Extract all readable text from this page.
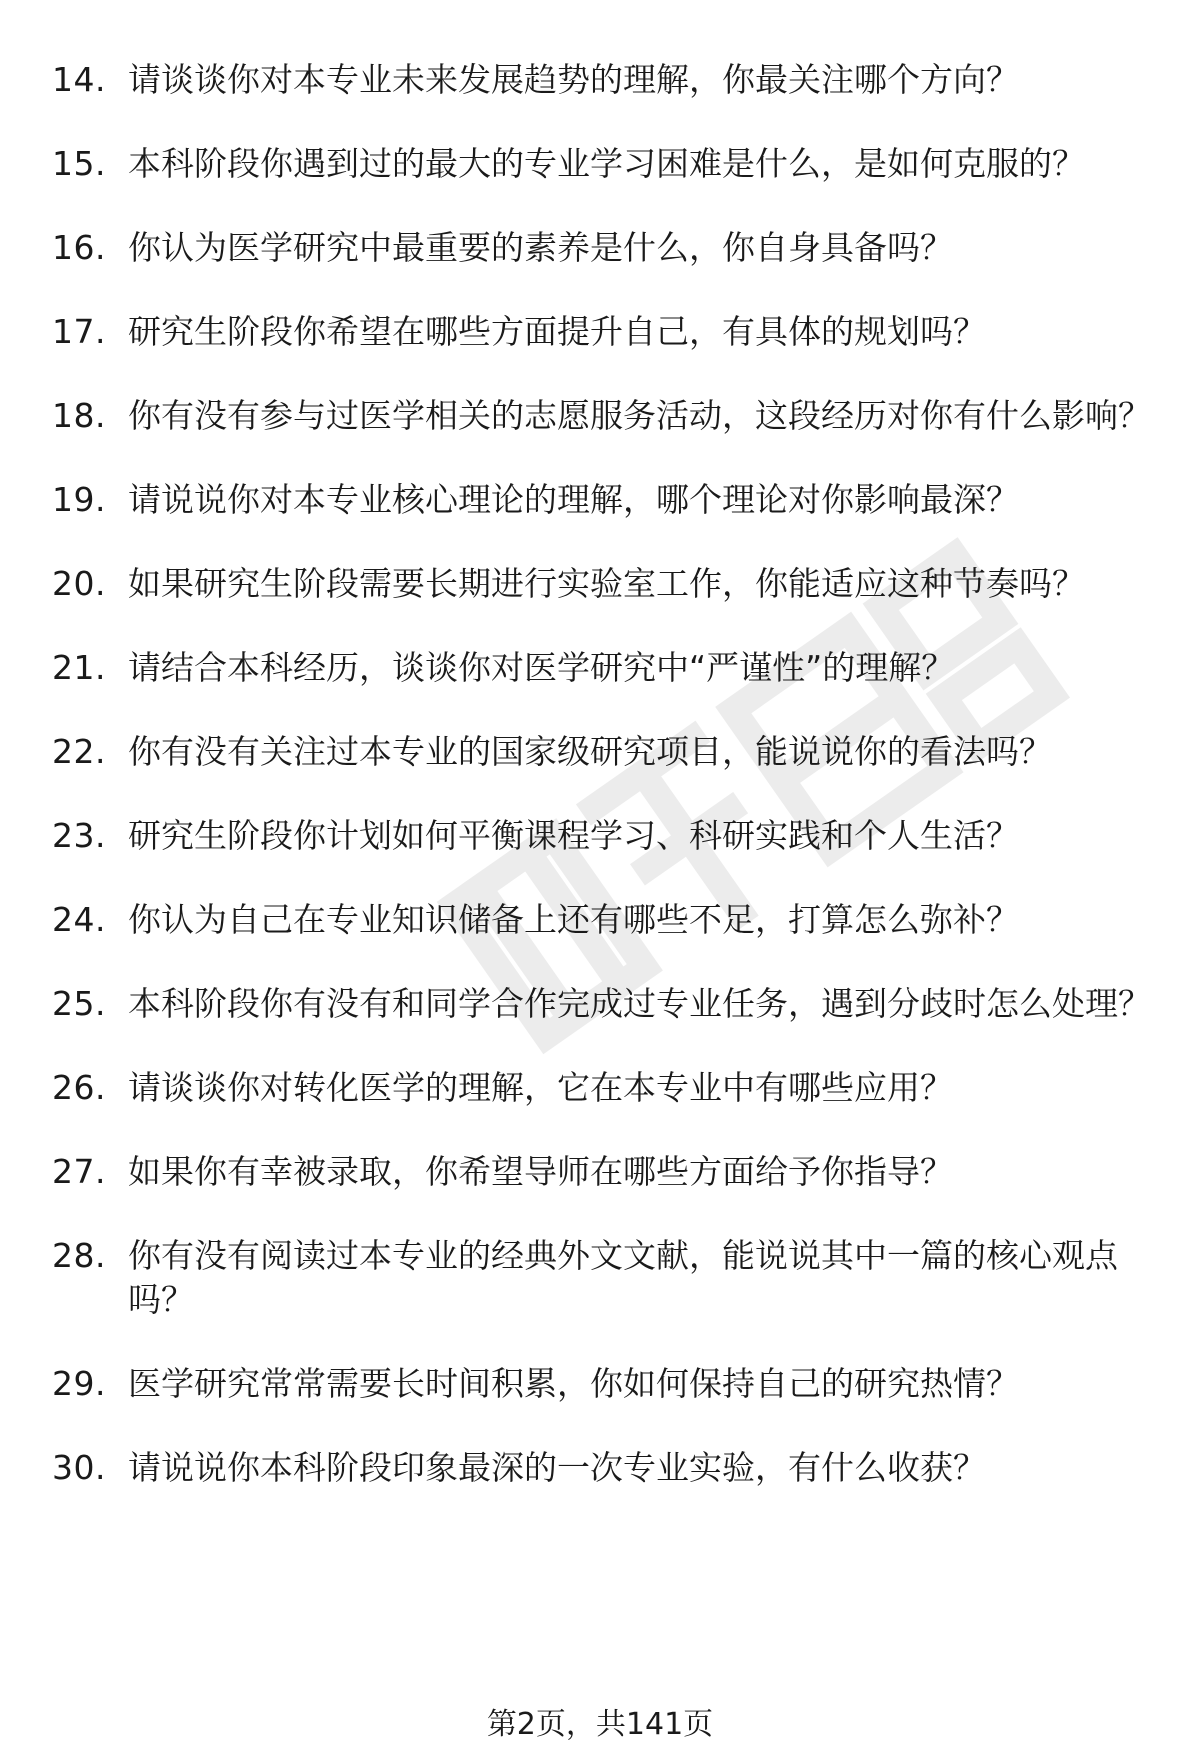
14. 请谈谈你对本专业未来发展趋势的理解，你最关注哪个方向？
15. 本科阶段你遇到过的最大的专业学习困难是什么，是如何克服的？
16. 你认为医学研究中最重要的素养是什么，你自身具备吗？
17. 研究生阶段你希望在哪些方面提升自己，有具体的规划吗？
18. 你有没有参与过医学相关的志愿服务活动，这段经历对你有什么影响？
19. 请说说你对本专业核心理论的理解，哪个理论对你影响最深？
20. 如果研究生阶段需要长期进行实验室工作，你能适应这种节奏吗？
21. 请结合本科经历，谈谈你对医学研究中“严谨性”的理解？
22. 你有没有关注过本专业的国家级研究项目，能说说你的看法吗？
23. 研究生阶段你计划如何平衡课程学习、科研实践和个人生活？
24. 你认为自己在专业知识储备上还有哪些不足，打算怎么弥补？
25. 本科阶段你有没有和同学合作完成过专业任务，遇到分歧时怎么处理？
26. 请谈谈你对转化医学的理解，它在本专业中有哪些应用？
27. 如果你有幸被录取，你希望导师在哪些方面给予你指导？
28. 你有没有阅读过本专业的经典外文文献，能说说其中一篇的核心观点吗？
29. 医学研究常常需要长时间积累，你如何保持自己的研究热情？
30. 请说说你本科阶段印象最深的一次专业实验，有什么收获？
第2页，共141页
